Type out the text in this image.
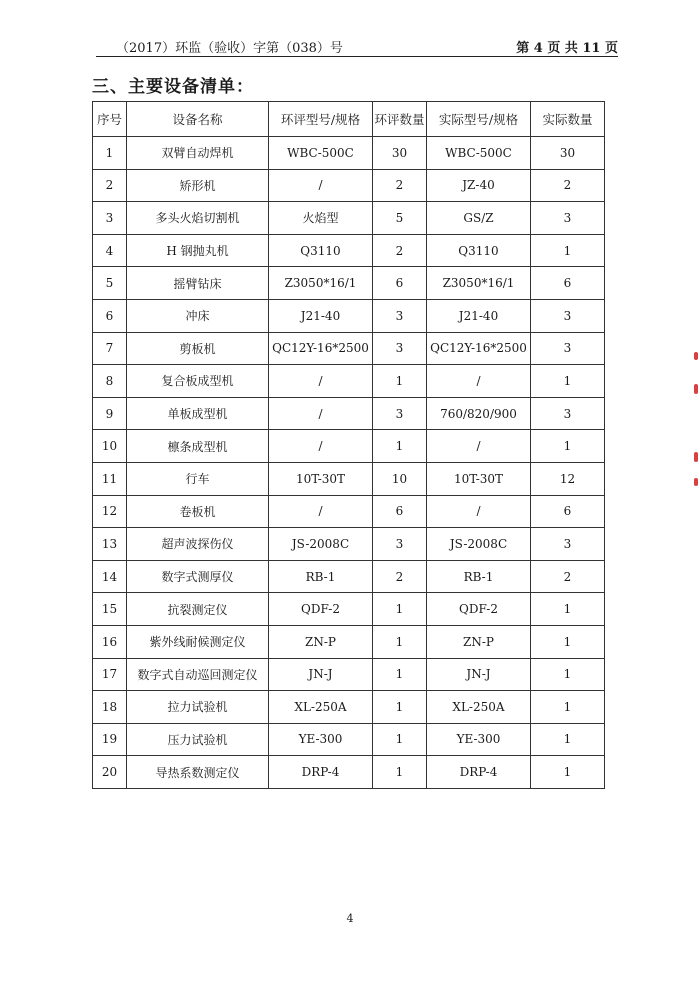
（2017）环监（验收）字第（038）号	第 4 页 共 11 页
三、主要设备清单：
序号	设备名称	环评型号/规格	环评数量	实际型号/规格	实际数量
1	双臂自动焊机	WBC-500C	30	WBC-500C	30
2	矫形机	/	2	JZ-40	2
3	多头火焰切割机	火焰型	5	GS/Z	3
4	H 钢抛丸机	Q3110	2	Q3110	1
5	摇臂钻床	Z3050*16/1	6	Z3050*16/1	6
6	冲床	J21-40	3	J21-40	3
7	剪板机	QC12Y-16*2500	3	QC12Y-16*2500	3
8	复合板成型机	/	1	/	1
9	单板成型机	/	3	760/820/900	3
10	檩条成型机	/	1	/	1
11	行车	10T-30T	10	10T-30T	12
12	卷板机	/	6	/	6
13	超声波探伤仪	JS-2008C	3	JS-2008C	3
14	数字式测厚仪	RB-1	2	RB-1	2
15	抗裂测定仪	QDF-2	1	QDF-2	1
16	紫外线耐候测定仪	ZN-P	1	ZN-P	1
17	数字式自动巡回测定仪	JN-J	1	JN-J	1
18	拉力试验机	XL-250A	1	XL-250A	1
19	压力试验机	YE-300	1	YE-300	1
20	导热系数测定仪	DRP-4	1	DRP-4	1
4
